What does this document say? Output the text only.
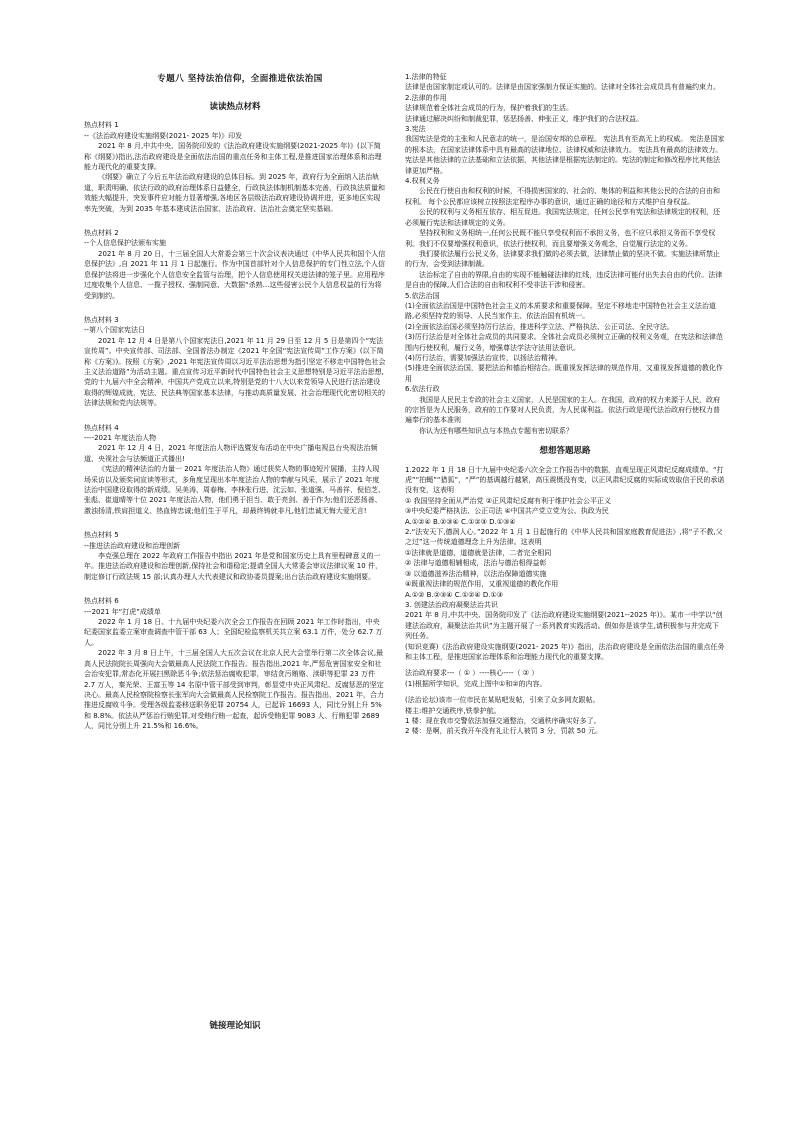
专题八 坚持法治信仰，全面推进依法治国
读读热点材料

热点材料 1

--《法治政府建设实施纲要(2021- 2025 年)》印发

2021 年 8 月,中共中央、国务院印发的《法治政府建设实施纲要(2021-2025 年)》(以下简称《纲要》)指出,法治政府建设是全面依法治国的重点任务和主体工程,是推进国家治理体系和治理能力现代化的重要支撑。

《纲要》确立了今后五年法治政府建设的总体目标。到 2025 年，政府行为全面纳入法治轨道，职责明确、依法行政的政府治理体系日益健全，行政执法体制机制基本完善，行政执法质量和效能大幅提升，突发事件应对能力显著增强,各地区各层级法治政府建设协调并进，更多地区实现率先突破，为到 2035 年基本建成法治国家、法治政府、法治社会奠定坚实基础。

热点材料 2

--个人信息保护法颁布实施

2021 年 8 月 20 日，十三届全国人大常委会第三十次会议表决通过《中华人民共和国个人信息保护法》,自 2021 年 11 月 1 日起施行。作为中国首部针对个人信息保护的专门性立法,个人信息保护法将进一步强化个人信息安全监管与治理，把个人信息使用权关进法律的笼子里。应用程序过度收集个人信息、一揽子授权、强制同意、大数据“杀熟…这些侵害公民个人信息权益的行为将受到制约。

热点材料 3

--第八个国家宪法日

2021 年 12 月 4 日是第八个国家宪法日,2021 年 11 月 29 日至 12 月 5 日是第四个“宪法宣传周”。中央宣传部、司法部、全国普法办制定《2021 年全国“宪法宣传周”工作方案》(以下简称《方案》)。按照《方案》,2021 年宪法宣传周以习近平法治思想为指引坚定不移走中国特色社会主义法治道路”为活动主题。重点宣传习近平新时代中国特色社会主义思想特别是习近平法治思想,党的十九届六中全会精神，中国共产党成立以来,特别是党的十八大以来党领导人民进行法治建设取得的辉煌成就，宪法、民法典等国家基本法律，与推动高质量发展、社会治理现代化密切相关的法律法规和党内法规等。

热点材料 4

----2021 年度法治人物

2021 年 12 月 4 日，2021 年度法治人物评选暨发布活动在中央广播电视总台央视法治频道、央视社会与法频道正式播出!

《宪法的精神法治的力量一 2021 年度法治人物》通过获奖人物的事迹短片展播，主持人现场采访以及颁奖词宣读等形式，多角度呈现出本年度法治人物的奉献与风采，展示了 2021 年度法治中国建设取得的新成绩。吴美涛、周春梅、李林张行进、沈云如、张道强、马善祥、倪伯芝、张彪、崔道晴等十位 2021 年度法治人物，他们勇于担当、敢于亮剑、善于作为;他们还恶扬善、激浊扬清,铁肩担道义、热血铸忠诚;他们生于平凡，却最终铸就非凡,他们忠诚无悔大爱无言!

热点材料 5

--推进法治政府建设和治理创新

李克强总理在 2022 年政府工作报告中指出 2021 年是党和国家历史上具有里程碑意义的一年。推进法治政府建设和治理创新,保持社会和谐稳定;提请全国人大常委会审议法律议案 10 件，制定修订行政法规 15 部;认真办理人大代表建议和政协委员提案;出台法治政府建设实施纲要。

热点材料 6

---2021 年“打虎”成绩单

2022 年 1 月 18 日、十九届中央纪委六次全会工作报告在回顾 2021 年工作时指出，中央纪委国家监委立案审查调查中管干部 63 人；全国纪检监察机关共立案 63.1 万件，处分 62.7 万人。

2022 年 3 月 8 日上午，十三届全国人大五次会议在北京人民大会堂举行第二次全体会议,最高人民法院院长周强向大会做最高人民法院工作报告。报告指出,2021 年,严惩危害国家安全和社会治安犯罪,常态化开展扫黑除恶斗争;依法惩治腐败犯罪，审结贪污贿赂、渎职等犯罪 23 万件 2.7 万人，秦光荣、王富玉等 14 名原中管干部受到审判，彰显党中央正风肃纪、反腐惩恶的坚定决心。最高人民检察院检察长张军向大会做最高人民检察院工作报告。报告指出，2021 年，合力推进反腐败斗争。受理各级监委移送职务犯罪 20754 人，已起诉 16693 人，同比分别上升 5% 和 8.8%。依法从严惩治行贿犯罪,对受贿行贿一起查，起诉受贿犯罪 9083 人、行贿犯罪 2689 人，同比分别上升 21.5%和 16.6%。

链接理论知识

1.法律的特征

法律是由国家制定或认可的。法律是由国家强制力保证实施的。法律对全体社会成员具有普遍约束力。

2.法律的作用

法律规范着全体社会成员的行为，保护着我们的生活。

法律通过解决纠纷和制裁犯罪，惩恶扬善、伸张正义，维护我们的合法权益。

3.宪法

我国宪法是党的主张和人民意志的统一，是治国安邦的总章程。 宪法具有至高无上的权威。 宪法是国家的根本法，在国家法律体系中具有最高的法律地位、法律权威和法律效力。 宪法具有最高的法律效力。宪法是其他法律的立法基础和立法依据，其他法律是根据宪法制定的。宪法的制定和修改程序比其他法律更加严格。

4.权利义务

公民在行使自由和权利的时候，不得损害国家的、社会的、集体的利益和其他公民的合法的自由和权利。 每个公民都应该树立按照法定程序办事的意识，通过正确的途径和方式维护自身权益。

公民的权利与义务相互依存、相互促进。我国宪法规定，任何公民享有宪法和法律规定的权利，还必须履行宪法和法律规定的义务。

坚持权利和义务相统一,任何公民既不能只享受权利而不承担义务，也不应只承担义务而不享受权利。我们不仅要增强权利意识，依法行使权利，而且要增强义务观念，自觉履行法定的义务。

我们要依法履行公民义务，法律要求我们做的必须去做，法律禁止做的坚决不做。实施法律所禁止的行为，会受到法律制裁。

法治标定了自由的界限,自由的实现不能触碰法律的红线，违反法律可能付出失去自由的代价。法律是自由的保障,人们合法的自由和权利不受非法干涉和侵害。

5.依法治国

(1)全面依法治国是中国特色社会主义的本质要求和重要保障。坚定不移地走中国特色社会主义法治道路,必须坚持党的领导、人民当家作主、依法治国有机统一。

(2)全面依法治国必须坚持厉行法治，推进科学立法、严格执法、公正司法、全民守法。

(3)厉行法治是对全体社会成员的共同要求。全体社会成员必须树立正确的权利义务观，在宪法和法律范围内行使权利，履行义务，增强尊法学法守法用法意识。

(4)厉行法治，需要加强法治宣传，以扬法治精神。

(5)推进全面依法治国，要把法治和德治相结合。既重视发挥法律的规范作用，又重视发挥道德的教化作用

6.依法行政

我国是人民民主专政的社会主义国家，人民是国家的主人。在我国，政府的权力来源于人民，政府的宗旨是为人民服务，政府的工作要对人民负责，为人民谋利益。依法行政是现代法治政府行使权力普遍奉行的基本准则

你认为还有哪些知识点与本热点专题有密切联系？

想想答题思路

1.2022 年 1 月 18 日十九届中央纪委六次全会工作报告中的数据，直观呈现正风肃纪反腐成绩单。“打虎”“拍蝇”“猎狐”，“严”的基调越行越紧，高压震慑没有变，以正风肃纪反腐的实际成效取信于民的承诺没有变，这表明

① 我国坚持全面从严治党 ②正风肃纪反腐有利于维护社会公平正义

③中央纪委严格执法、公正司法 ④中国共产党立党为公、执政为民

A.①②④ B.②③④ C.①②③ D.①③④

2.“法安天下,德润人心。”2022 年 1 月 1 日起施行的《中华人民共和国家庭教育促进法》,将“子不教,父之过”这一传统道德理念上升为法律。这表明

①法律就是道德，道德就是法律，二者完全相同

② 法律与道德相辅相成，法治与德治相得益彰

③ 以道德滋养法治精神，以法治保障道德实施

④既重视法律的规范作用，又重视道德的教化作用

A.①② B.②③④ C.①②④ D.①③

3. 创建法治政府凝聚法治共识

2021 年 8 月,中共中央、国务院印发了《法治政府建设实施纲要(2021--2025 年)》。某市一中学以“创建法治政府，凝聚法治共识”为主题开展了一系列教育实践活动。假如你是该学生,请积极参与并完成下列任务。

(知识竞赛)《法治政府建设实施纲要(2021- 2025 年)》指出，法治政府建设是全面依法治国的重点任务和主体工程，是推进国家治理体系和治理能力现代化的重要支撑。

法治政府要求---（ ① ）----核心----（ ② ）

(1)根据所学知识，完成上图中①和②的内容。

(法治论坛)该市一位市民在某贴吧发帖，引来了众多网友跟帖。

楼主:维护交通秩序,铁拳护航。

1 楼：现在我市交警依法加强交通整治，交通秩序确实好多了。

2 楼：是啊，前天我开车没有礼让行人被罚 3 分，罚款 50 元。
